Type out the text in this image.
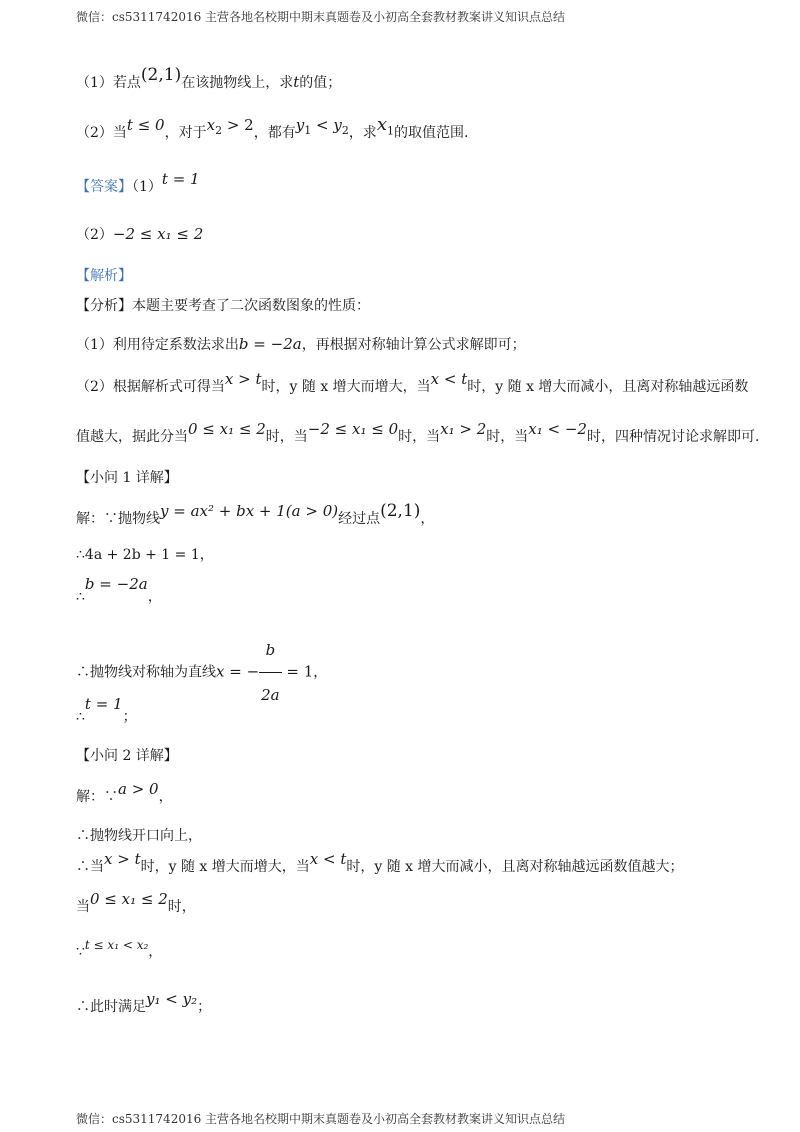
微信：cs5311742016 主营各地名校期中期末真题卷及小初高全套教材教案讲义知识点总结
（1）若点(2,1)在该抛物线上，求t的值；
（2）当t ≤ 0，对于$x_2 > 2$，都有$y_1 < y_2$，求$x_1$的取值范围.
【答案】（1）t = 1
（2）−2 ≤ x₁ ≤ 2
【解析】
【分析】本题主要考查了二次函数图象的性质：
（1）利用待定系数法求出b = −2a，再根据对称轴计算公式求解即可；
（2）根据解析式可得当x > t时，y 随 x 增大而增大，当x < t时，y 随 x 增大而减小，且离对称轴越远函数
值越大，据此分当0 ≤ x₁ ≤ 2时，当−2 ≤ x₁ ≤ 0时，当x₁ > 2时，当x₁ < −2时，四种情况讨论求解即可.
【小问 1 详解】
解：∵抛物线y = ax² + bx + 1(a > 0)经过点(2,1)，
∴4a + 2b + 1 = 1，
∴b = −2a，
∴抛物线对称轴为直线x = − $\frac{b}{2a} = 1$，
∴t = 1；
【小问 2 详解】
解：∵a > 0，
∴抛物线开口向上，
∴当x > t时，y 随 x 增大而增大，当x < t时，y 随 x 增大而减小，且离对称轴越远函数值越大；
当0 ≤ x₁ ≤ 2时，
∵t ≤ x₁ < x₂，
∴此时满足y₁ < y₂；
微信：cs5311742016 主营各地名校期中期末真题卷及小初高全套教材教案讲义知识点总结
